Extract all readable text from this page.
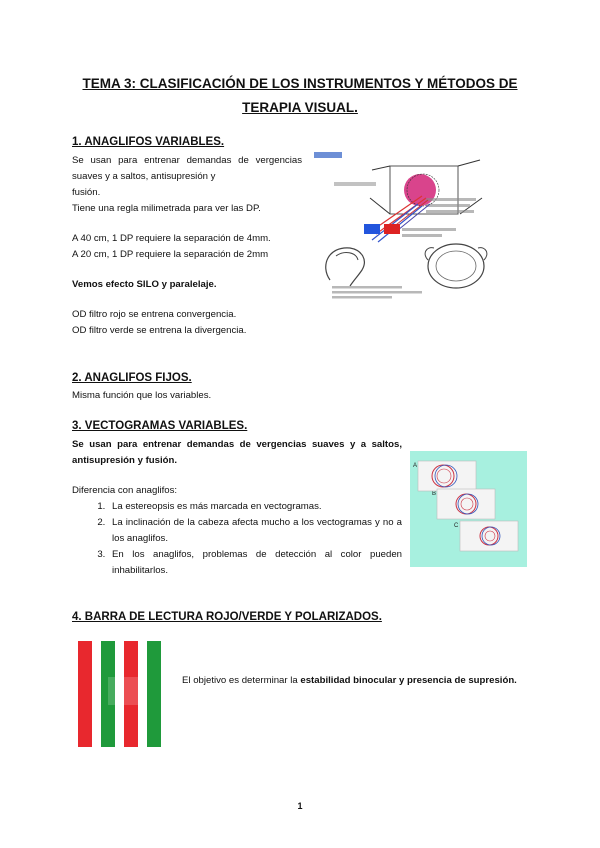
TEMA 3: CLASIFICACIÓN DE LOS INSTRUMENTOS Y MÉTODOS DE
TERAPIA VISUAL.
1. ANAGLIFOS VARIABLES.
Se usan para entrenar demandas de vergencias
suaves y a saltos, antisupresión y
fusión.
Tiene una regla milimetrada para ver las DP.
A 40 cm, 1 DP requiere la separación de 4mm.
A 20 cm, 1 DP requiere la separación de 2mm
Vemos efecto SILO y paralelaje.
OD filtro rojo se entrena convergencia.
OD filtro verde se entrena la divergencia.
2. ANAGLIFOS FIJOS.
Misma función que los variables.
3. VECTOGRAMAS VARIABLES.
Se usan para entrenar demandas de vergencias suaves y a saltos,
antisupresión y fusión.
Diferencia con anaglifos:
1. La estereopsis es más marcada en vectogramas.
2. La inclinación de la cabeza afecta mucho a los vectogramas y no a los anaglifos.
3. En los anaglifos, problemas de detección al color pueden inhabilitarlos.
A
B
C
4. BARRA DE LECTURA ROJO/VERDE Y POLARIZADOS.
El objetivo es determinar la estabilidad binocular y presencia de supresión.
1
